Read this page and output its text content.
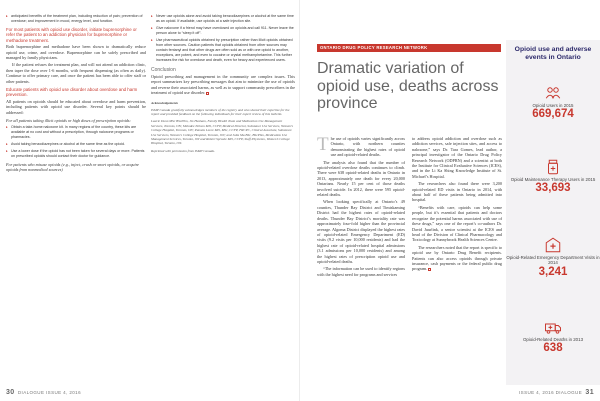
▸ anticipated benefits of the treatment plan, including reduction of pain; prevention of overdose; and improvement in mood, energy level, and function.
For most patients with opioid use disorder, initiate buprenorphine or refer the patient to an addiction physician for buprenorphine or methadone treatment.

Both buprenorphine and methadone have been shown to dramatically reduce opioid use, crime, and overdose. Buprenorphine can be safely prescribed and managed by family physicians.

If the patient refuses the treatment plan, and will not attend an addiction clinic, then taper the dose over 1-6 months, with frequent dispensing (as often as daily). Continue to offer primary care, and once the patient has been able to offer staff or other patients.

Educate patients with opioid use disorder about overdose and harm prevention.

All patients on opioids should be educated about overdose and harm prevention, including patients with opioid use disorder. Several key points should be addressed:

For all patients taking illicit opioids or high doses of prescription opioids:
▸ Obtain a take-home naloxone kit. In many regions of the country, these kits are available at no cost and without a prescription, through naloxone programs or pharmacies.
▸ Avoid taking benzodiazepines or alcohol at the same time as the opioid.
▸ Use a lower dose if the opioid has not been taken for several days or more. Patients on prescribed opioids should contact their doctor for guidance.
For patients who misuse opioids (e.g., inject, crush or snort opioids, or acquire opioids from nonmedical sources)
▸ Never use opioids alone and avoid taking benzodiazepines or alcohol at the same time as an opioid. If available, use opioids at a safe injection site.
▸ Give naloxone if a friend may have overdosed on opioids and call 911. Never leave the person alone to “sleep it off”.
▸ Use pharmaceutical opioids obtained by prescription rather than illicit opioids obtained from other sources. Caution patients that opioids obtained from other sources may contain fentanyl and that other drugs are often sold as or with one opioid to another, exceptions, are potent, and even to cocaine or crystal methamphetamine. This further increases the risk for overdose and death, even for heavy and experienced users.
Conclusion

Opioid prescribing and management in the community are complex issues. This report summarizes key prescribing messages that aim to minimize the use of opioids and reverse their associated harms, as well as to support community prescribers in the treatment of opioid use disorder.

Acknowledgements

ISMP Canada gratefully acknowledges members of the registry and who shared their expertise for the report and provided feedback on the following individuals for their expert review of this bulletin.

Laurie Dunn MSc BScPhm, Jin Huxham, Family Health Team and Medication Use Management Services, Toronto, ON; Melodee Nelson MD, CCFP, Medical Director, Substance Use Services, Women’s College Hospital, Toronto, ON; Pamela Leece MD, MSc, CCFP, FRCPC, Clinical Associate, Substance Use Services, Women’s College Hospital, Toronto, ON; and Julia Ma BSc, BScPhm, Medication Use Management Services, Toronto, ON and Robert Sproule MD, CCFP, Staff Physician, Women’s College Hospital, Toronto, ON.

Reprinted with permission from ISMP Canada.

30 DIALOGUE ISSUE 4, 2016
ONTARIO DRUG POLICY RESEARCH NETWORK
Dramatic variation of opioid use, deaths across province

The use of opioids varies significantly across Ontario, with northern counties demonstrating the highest rates of opioid use and opioid-related deaths.

The analysis also found that the number of opioid-related overdose deaths continues to climb. There were 638 opioid-related deaths in Ontario in 2013, approximately one death for every 20,000 Ontarians. Nearly 15 per cent of those deaths involved suicide. In 2012, there were 595 opioid-related deaths.

When looking specifically at Ontario’s 49 counties, Thunder Bay District and Timiskaming District had the highest rates of opioid-related deaths. Thunder Bay District’s mortality rate was approximately four-fold higher than the provincial average. Algoma District displayed the highest rates of opioid-related Emergency Department (ED) visits (9.2 visits per 10,000 residents) and had the highest rate of opioid-related hospital admissions (3.1 admissions per 10,000 residents) and among the highest rates of prescription opioid use and opioid-related deaths.

“The information can be used to identify regions with the highest need for programs and services

to address opioid addiction and overdose such as addiction services, safe injection sites, and access to naloxone,” says Dr. Tara Gomes, lead author, a principal investigator of the Ontario Drug Policy Research Network (ODPRN) and a scientist at both the Institute for Clinical Evaluative Sciences (ICES), and in the Li Ka Shing Knowledge Institute of St. Michael’s Hospital.

The researchers also found there were 3,200 opioid-related ED visits in Ontario in 2014, with about half of these patients being admitted into hospital.

“Benefits with care, opioids can help some people, but it’s essential that patients and doctors recognize the potential harms associated with use of these drugs,” says one of the report’s co-authors Dr. David Juurlink, a senior scientist at the ICES and head of the Division of Clinical Pharmacology and Toxicology at Sunnybrook Health Sciences Centre.

The researchers noted that the report is specific to opioid use by Ontario Drug Benefit recipients. Patients can also access opioids through private insurance, cash payments or the federal public drug program.

Opioid use and adverse events in Ontario
Opioid Users in 2015
669,674
Opioid Maintenance Therapy Users in 2015
33,693
Opioid-Related Emergency Department Visits in 2014
3,241
Opioid-Related Deaths in 2013
638
ISSUE 4, 2016 DIALOGUE 31
